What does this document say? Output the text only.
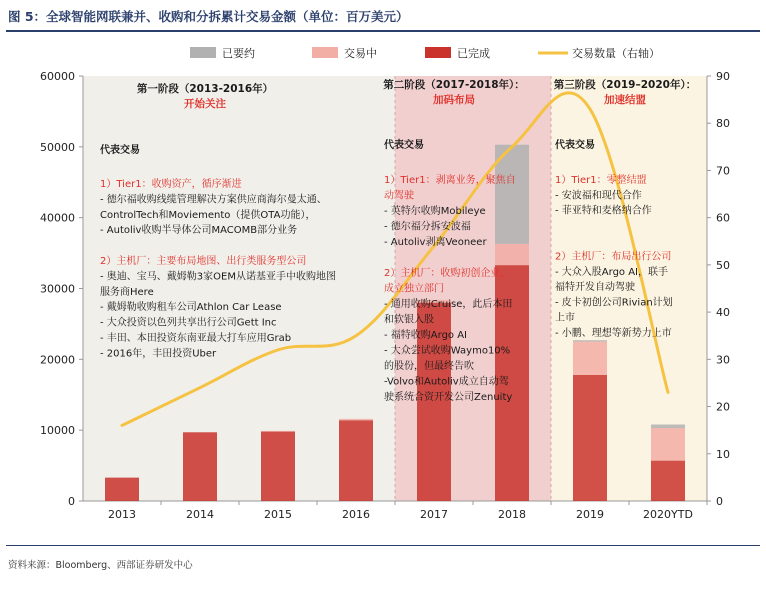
图 5：全球智能网联兼并、收购和分拆累计交易金额（单位：百万美元）
已要约	交易中	已完成	交易数量（右轴）
0
10000
20000
30000
40000
50000
60000
0
10
20
30
40
50
60
70
80
90
2013	2014	2015	2016	2017	2018	2019	2020YTD
第一阶段（2013-2016年）
开始关注
代表交易
1）Tier1：收购资产，循序渐进
- 德尔福收购线缆管理解决方案供应商海尔曼太通、
ControlTech和Moviemento（提供OTA功能），
- Autoliv收购半导体公司MACOMB部分业务
2）主机厂：主要布局地图、出行类服务型公司
- 奥迪、宝马、戴姆勒3家OEM从诺基亚手中收购地图
服务商Here
- 戴姆勒收购租车公司Athlon Car Lease
- 大众投资以色列共享出行公司Gett Inc
- 丰田、本田投资东南亚最大打车应用Grab
- 2016年，丰田投资Uber
第二阶段（2017-2018年）：
加码布局
代表交易
1）Tier1：剥离业务，聚焦自
动驾驶
- 英特尔收购Mobileye
- 德尔福分拆安波福
- Autoliv剥离Veoneer
2）主机厂：收购初创企业，
成立独立部门
- 通用收购Cruise，此后本田
和软银入股
- 福特收购Argo AI
- 大众尝试收购Waymo10%
的股份，但最终告吹
-Volvo和Autoliv成立自动驾
驶系统合资开发公司Zenuity
第三阶段（2019–2020年）：
加速结盟
代表交易
1）Tier1：零整结盟
- 安波福和现代合作
- 菲亚特和麦格纳合作
2）主机厂：布局出行公司
- 大众入股Argo AI，联手
福特开发自动驾驶
- 皮卡初创公司Rivian计划
上市
- 小鹏、理想等新势力上市
资料来源：Bloomberg、西部证券研发中心
